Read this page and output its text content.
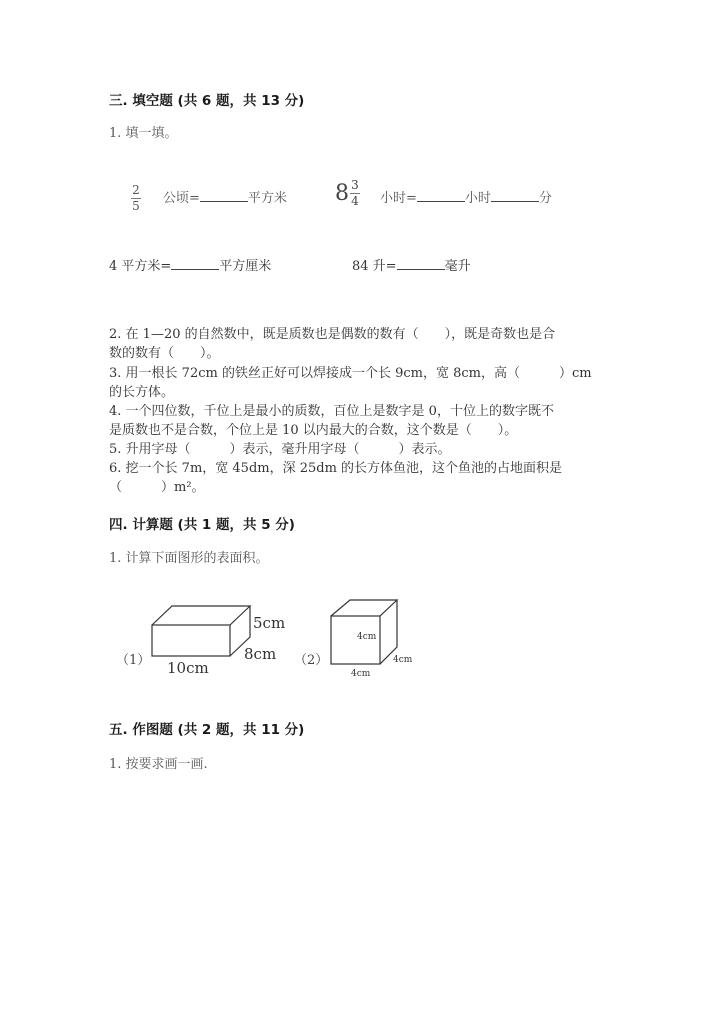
三. 填空题 (共 6 题，共 13 分)
1. 填一填。
$\frac{2}{5}$ 公顷=	平方米 $8 \frac{3}{4}$ 小时=	小时	分
4 平方米=	平方厘米	84 升=	毫升
2. 在 1—20 的自然数中，既是质数也是偶数的数有（　　），既是奇数也是合
数的数有（　　）。
3. 用一根长 72cm 的铁丝正好可以焊接成一个长 9cm，宽 8cm，高（　　　）cm
的长方体。
4. 一个四位数，千位上是最小的质数，百位上是数字是 0，十位上的数字既不
是质数也不是合数，个位上是 10 以内最大的合数，这个数是（　　）。
5. 升用字母（　　　）表示，毫升用字母（　　　）表示。
6. 挖一个长 7m，宽 45dm，深 25dm 的长方体鱼池，这个鱼池的占地面积是
（　　　）m²。
四. 计算题 (共 1 题，共 5 分)
1. 计算下面图形的表面积。
（1）
5cm
8cm
10cm	（2）
4cm
4cm
4cm
五. 作图题 (共 2 题，共 11 分)
1. 按要求画一画.
